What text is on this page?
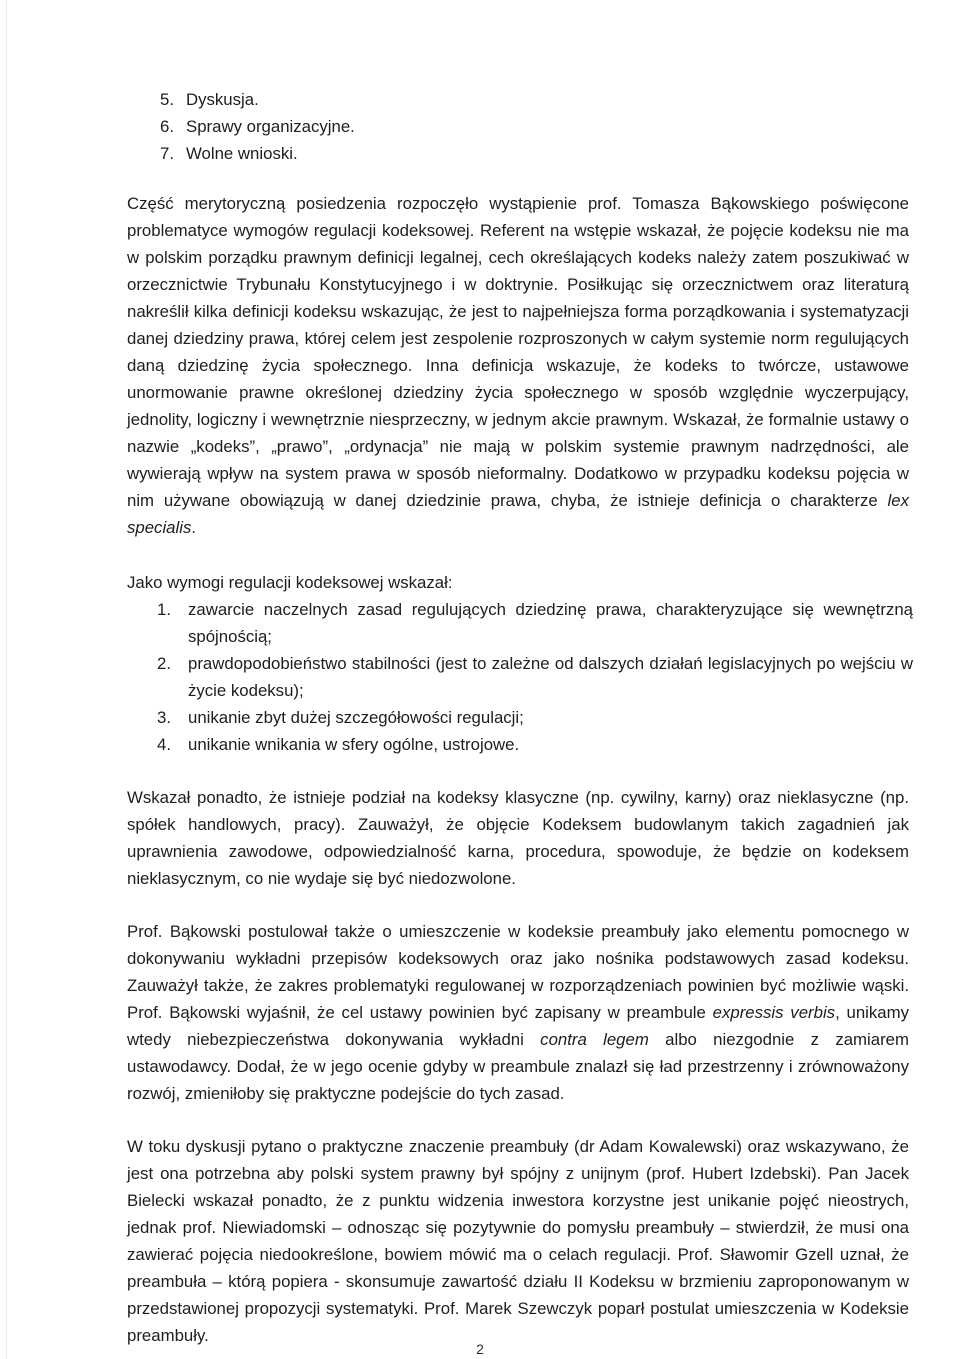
5. Dyskusja.
6. Sprawy organizacyjne.
7. Wolne wnioski.

Część merytoryczną posiedzenia rozpoczęło wystąpienie prof. Tomasza Bąkowskiego poświęcone problematyce wymogów regulacji kodeksowej. Referent na wstępie wskazał, że pojęcie kodeksu nie ma w polskim porządku prawnym definicji legalnej, cech określających kodeks należy zatem poszukiwać w orzecznictwie Trybunału Konstytucyjnego i w doktrynie. Posiłkując się orzecznictwem oraz literaturą nakreślił kilka definicji kodeksu wskazując, że jest to najpełniejsza forma porządkowania i systematyzacji danej dziedziny prawa, której celem jest zespolenie rozproszonych w całym systemie norm regulujących daną dziedzinę życia społecznego. Inna definicja wskazuje, że kodeks to twórcze, ustawowe unormowanie prawne określonej dziedziny życia społecznego w sposób względnie wyczerpujący, jednolity, logiczny i wewnętrznie niesprzeczny, w jednym akcie prawnym. Wskazał, że formalnie ustawy o nazwie „kodeks”, „prawo”, „ordynacja” nie mają w polskim systemie prawnym nadrzędności, ale wywierają wpływ na system prawa w sposób nieformalny. Dodatkowo w przypadku kodeksu pojęcia w nim używane obowiązują w danej dziedzinie prawa, chyba, że istnieje definicja o charakterze lex specialis.

Jako wymogi regulacji kodeksowej wskazał:

1.	zawarcie naczelnych zasad regulujących dziedzinę prawa, charakteryzujące się wewnętrzną spójnością;
2.	prawdopodobieństwo stabilności (jest to zależne od dalszych działań legislacyjnych po wejściu w życie kodeksu);
3.	unikanie zbyt dużej szczegółowości regulacji;
4.	unikanie wnikania w sfery ogólne, ustrojowe.

Wskazał ponadto, że istnieje podział na kodeksy klasyczne (np. cywilny, karny) oraz nieklasyczne (np. spółek handlowych, pracy). Zauważył, że objęcie Kodeksem budowlanym takich zagadnień jak uprawnienia zawodowe, odpowiedzialność karna, procedura, spowoduje, że będzie on kodeksem nieklasycznym, co nie wydaje się być niedozwolone.

Prof. Bąkowski postulował także o umieszczenie w kodeksie preambuły jako elementu pomocnego w dokonywaniu wykładni przepisów kodeksowych oraz jako nośnika podstawowych zasad kodeksu. Zauważył także, że zakres problematyki regulowanej w rozporządzeniach powinien być możliwie wąski. Prof. Bąkowski wyjaśnił, że cel ustawy powinien być zapisany w preambule expressis verbis, unikamy wtedy niebezpieczeństwa dokonywania wykładni contra legem albo niezgodnie z zamiarem ustawodawcy. Dodał, że w jego ocenie gdyby w preambule znalazł się ład przestrzenny i zrównoważony rozwój, zmieniłoby się praktyczne podejście do tych zasad.

W toku dyskusji pytano o praktyczne znaczenie preambuły (dr Adam Kowalewski) oraz wskazywano, że jest ona potrzebna aby polski system prawny był spójny z unijnym (prof. Hubert Izdebski). Pan Jacek Bielecki wskazał ponadto, że z punktu widzenia inwestora korzystne jest unikanie pojęć nieostrych, jednak prof. Niewiadomski – odnosząc się pozytywnie do pomysłu preambuły – stwierdził, że musi ona zawierać pojęcia niedookreślone, bowiem mówić ma o celach regulacji. Prof. Sławomir Gzell uznał, że preambuła – którą popiera - skonsumuje zawartość działu II Kodeksu w brzmieniu zaproponowanym w przedstawionej propozycji systematyki. Prof. Marek Szewczyk poparł postulat umieszczenia w Kodeksie preambuły.

2
